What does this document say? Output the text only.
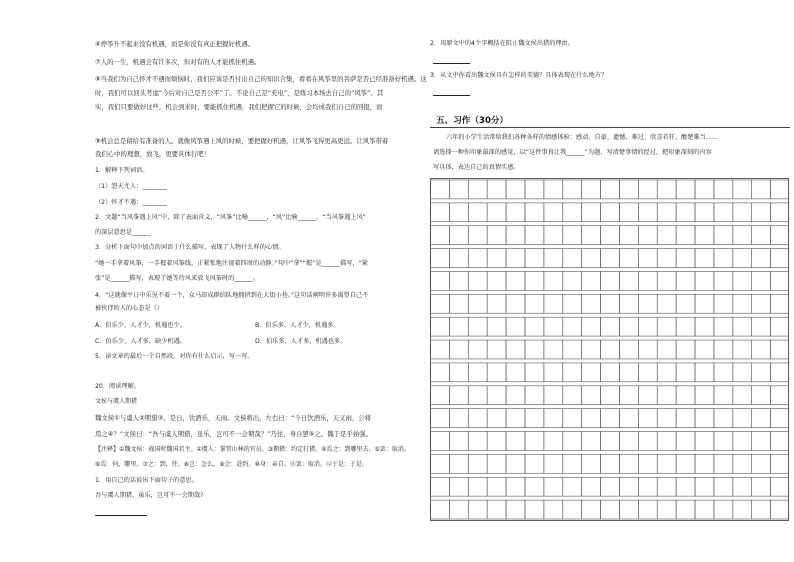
⑥停筝升不起来没有机遇，而是你没有真正把握好机遇。
⑦人的一生，机遇会有许多次，但对有的人才能抓住机遇。
⑧当我们为自己怀才不遇而烦恼时，我们应该是否付出自己的知识合集，看看在风筝里的菩萨是否已经准备好机遇。这
时，我们可以回头考虑“今后对自己是否公平”了。不论自己是“充电”，是练习本场去自己的“风筝”。其
实，我们只要做好这些，机会到来时，要能抓住机遇，我们把握它的时候，会均成我们自己的回报，而
⑨机会总是留给有准备的人。就像风筝遇上风的时候，要把握好机遇，让风筝飞得更高更远。让风筝带着
我们心中的理想，放飞，更要具体行吧！
1．解释下列词语。
（1）怨天尤人：________
（2）怀才不遇：________
2．文题“当风筝遇上风”中，除了表面含义，“风筝”比喻______，“风”比喻______，“当风筝遇上风”
的深层意思是______
3．分析下面句中加点的词语于什么描写，表现了人物什么样的心情。
“她一手拿着风筝，一手握着风筝线，正紧张地注视着四周的动静。”句中“拿”“握”是______描写，“紧
张”是______描写，表现了她等待风来放飞风筝时的______。
4．“这就像平日中乐见不着一个，众马却成群结队地拥挤到在大街小巷。”这句话阐明许多渴望自己不
被伙伴的人的心态是（）
A．伯乐少，人才少，机遇也少。	B．伯乐多，人才少，机遇多。
C．伯乐少，人才多，缺少机遇。	D．伯乐多，人才多，机遇也多。
5．读文章的最后一个自然段，对你有什么启示，写一写。
20．阅读理解。
文侯与虞人期猎
魏文侯①与虞人②期猎③。是日，饮酒乐，天雨。文侯将出，左右曰：“今日饮酒乐，天又雨，公将
焉之④？”文侯曰：“吾与虞人期猎，虽乐，岂可不一会期哉？”乃往，身自罢⑤之。魏于是乎始强。
【注释】①魏文侯：战国时魏国君主。②虞人：掌管山林的官员。③期猎：约定打猎。④焉之：到哪里去。⑤罢：取消。
⑥焉：何，哪里。⑦之：到，往。⑧岂：怎么。⑨会：赴约。⑩身：亲自。⑪罢：取消。⑫于是：于是。
1．用自己的话说出下面句子的意思。
吾与虞人期猎，虽乐，岂可不一会期哉?
2．用原文中的4个字概括在阻止魏文侯出猎的理由。
3．从文中你看出魏文侯具有怎样的美德？具体表现在什么地方？
五、习作（30分）
六年的小学生活常给我们各种各样的情感体验：感动、自豪、遗憾、难过、欣喜若狂、酸楚难当……
请选择一种你印象最深的感觉，以“这件事真让我______”为题，写清楚事情的经过，把印象深刻的内容
写具体，表达自己的真情实感。
